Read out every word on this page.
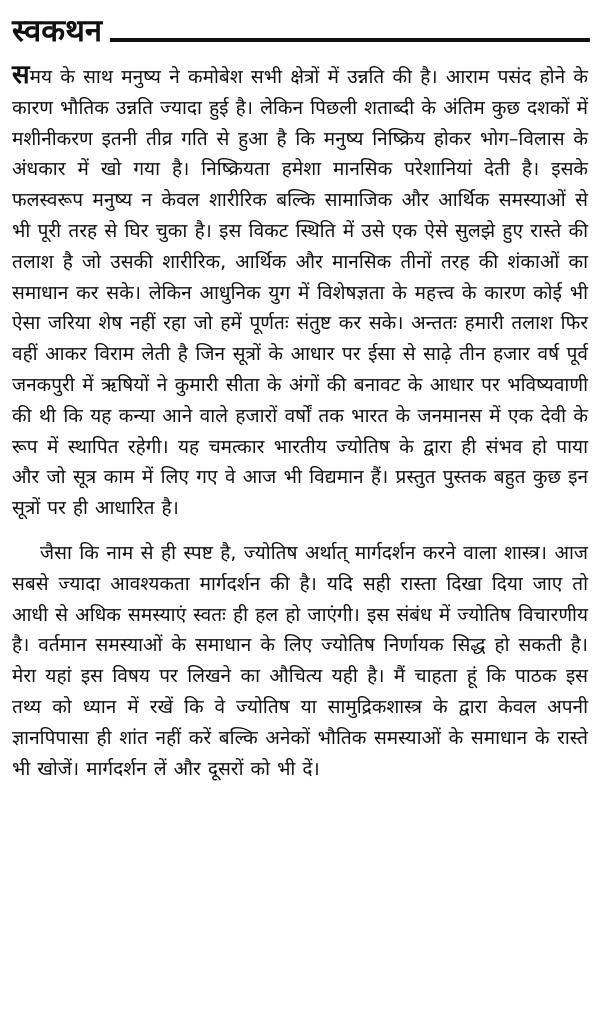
स्वकथन

समय के साथ मनुष्य ने कमोबेश सभी क्षेत्रों में उन्नति की है। आराम पसंद होने के कारण भौतिक उन्नति ज्यादा हुई है। लेकिन पिछली शताब्दी के अंतिम कुछ दशकों में मशीनीकरण इतनी तीव्र गति से हुआ है कि मनुष्य निष्क्रिय होकर भोग–विलास के अंधकार में खो गया है। निष्क्रियता हमेशा मानसिक परेशानियां देती है। इसके फलस्वरूप मनुष्य न केवल शारीरिक बल्कि सामाजिक और आर्थिक समस्याओं से भी पूरी तरह से घिर चुका है। इस विकट स्थिति में उसे एक ऐसे सुलझे हुए रास्ते की तलाश है जो उसकी शारीरिक, आर्थिक और मानसिक तीनों तरह की शंकाओं का समाधान कर सके। लेकिन आधुनिक युग में विशेषज्ञता के महत्त्व के कारण कोई भी ऐसा जरिया शेष नहीं रहा जो हमें पूर्णतः संतुष्ट कर सके। अन्ततः हमारी तलाश फिर वहीं आकर विराम लेती है जिन सूत्रों के आधार पर ईसा से साढ़े तीन हजार वर्ष पूर्व जनकपुरी में ऋषियों ने कुमारी सीता के अंगों की बनावट के आधार पर भविष्यवाणी की थी कि यह कन्या आने वाले हजारों वर्षों तक भारत के जनमानस में एक देवी के रूप में स्थापित रहेगी। यह चमत्कार भारतीय ज्योतिष के द्वारा ही संभव हो पाया और जो सूत्र काम में लिए गए वे आज भी विद्यमान हैं। प्रस्तुत पुस्तक बहुत कुछ इन सूत्रों पर ही आधारित है।

जैसा कि नाम से ही स्पष्ट है, ज्योतिष अर्थात् मार्गदर्शन करने वाला शास्त्र। आज सबसे ज्यादा आवश्यकता मार्गदर्शन की है। यदि सही रास्ता दिखा दिया जाए तो आधी से अधिक समस्याएं स्वतः ही हल हो जाएंगी। इस संबंध में ज्योतिष विचारणीय है। वर्तमान समस्याओं के समाधान के लिए ज्योतिष निर्णायक सिद्ध हो सकती है। मेरा यहां इस विषय पर लिखने का औचित्य यही है। मैं चाहता हूं कि पाठक इस तथ्य को ध्यान में रखें कि वे ज्योतिष या सामुद्रिकशास्त्र के द्वारा केवल अपनी ज्ञानपिपासा ही शांत नहीं करें बल्कि अनेकों भौतिक समस्याओं के समाधान के रास्ते भी खोजें। मार्गदर्शन लें और दूसरों को भी दें।
